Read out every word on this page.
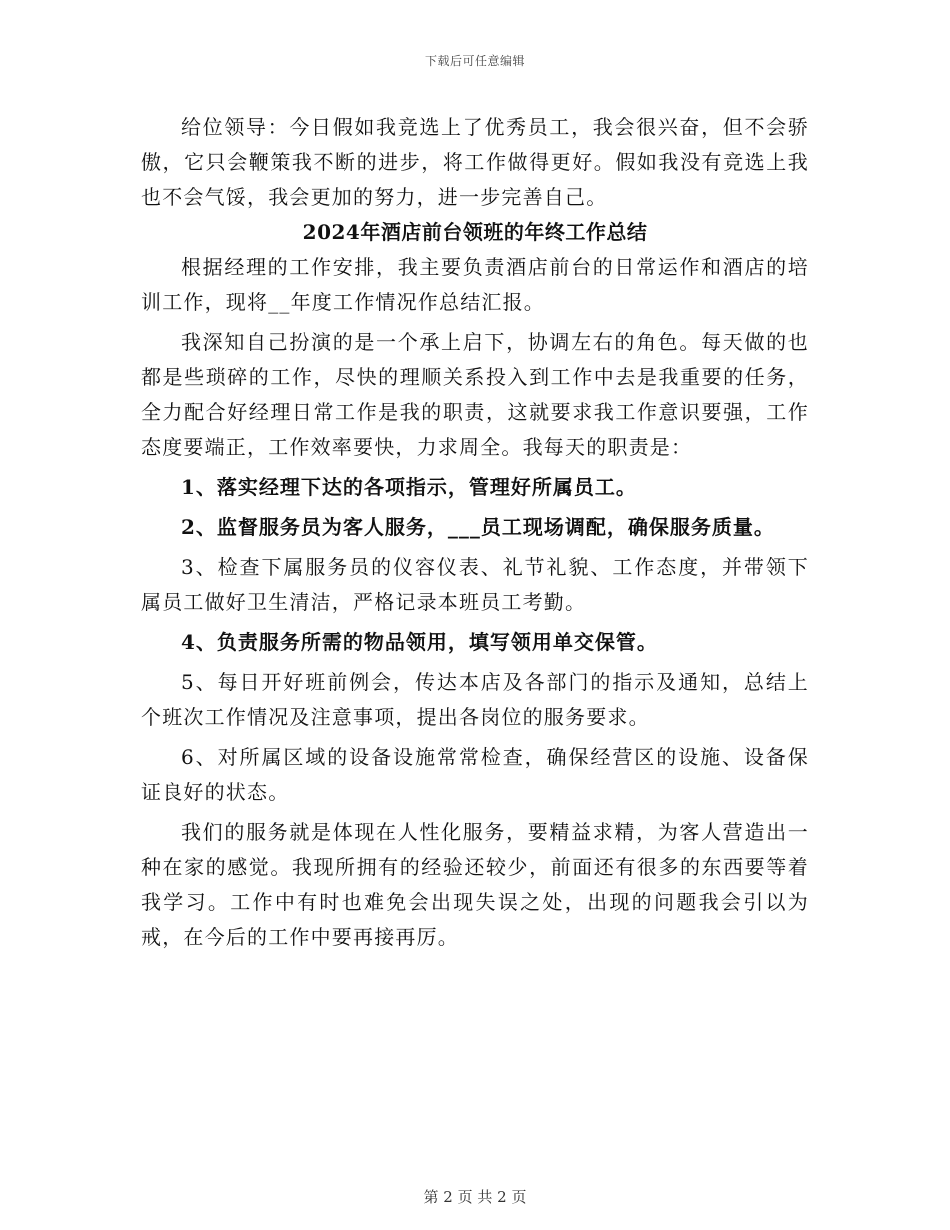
下载后可任意编辑

给位领导：今日假如我竞选上了优秀员工，我会很兴奋，但不会骄傲，它只会鞭策我不断的进步，将工作做得更好。假如我没有竞选上我也不会气馁，我会更加的努力，进一步完善自己。

2024年酒店前台领班的年终工作总结

根据经理的工作安排，我主要负责酒店前台的日常运作和酒店的培训工作，现将__年度工作情况作总结汇报。

我深知自己扮演的是一个承上启下，协调左右的角色。每天做的也都是些琐碎的工作，尽快的理顺关系投入到工作中去是我重要的任务，全力配合好经理日常工作是我的职责，这就要求我工作意识要强，工作态度要端正，工作效率要快，力求周全。我每天的职责是：

1、落实经理下达的各项指示，管理好所属员工。

2、监督服务员为客人服务，___员工现场调配，确保服务质量。

3、检查下属服务员的仪容仪表、礼节礼貌、工作态度，并带领下属员工做好卫生清洁，严格记录本班员工考勤。

4、负责服务所需的物品领用，填写领用单交保管。

5、每日开好班前例会，传达本店及各部门的指示及通知，总结上个班次工作情况及注意事项，提出各岗位的服务要求。

6、对所属区域的设备设施常常检查，确保经营区的设施、设备保证良好的状态。

我们的服务就是体现在人性化服务，要精益求精，为客人营造出一种在家的感觉。我现所拥有的经验还较少，前面还有很多的东西要等着我学习。工作中有时也难免会出现失误之处，出现的问题我会引以为戒，在今后的工作中要再接再厉。

第 2 页 共 2 页
